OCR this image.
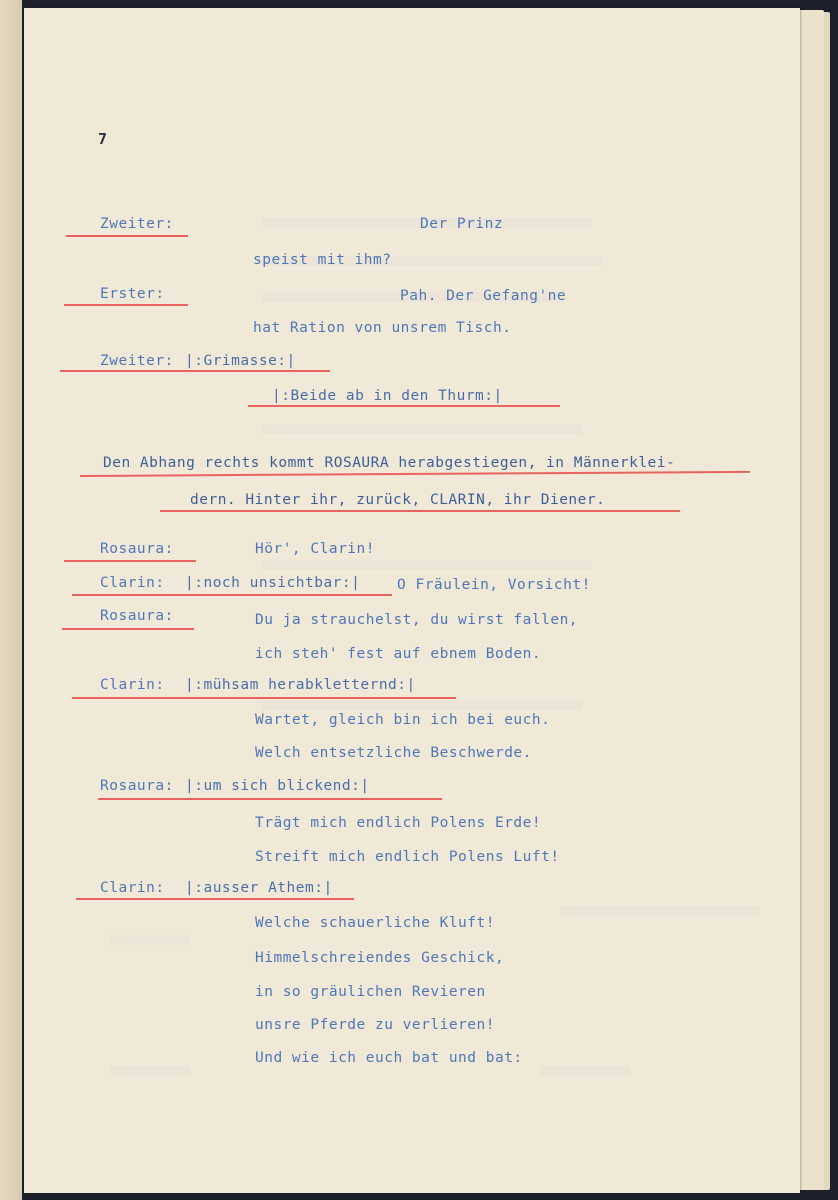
7
Zweiter:	Der Prinz
speist mit ihm?
Erster:	Pah. Der Gefang'ne
hat Ration von unsrem Tisch.
Zweiter: |:Grimasse:|
|:Beide ab in den Thurm:|
Den Abhang rechts kommt ROSAURA herabgestiegen, in Männerklei-
dern. Hinter ihr, zurück, CLARIN, ihr Diener.
Rosaura:	Hör', Clarin!
Clarin: |:noch unsichtbar:|	O Fräulein, Vorsicht!
Rosaura:	Du ja strauchelst, du wirst fallen,
ich steh' fest auf ebnem Boden.
Clarin: |:mühsam herabkletternd:|
Wartet, gleich bin ich bei euch.
Welch entsetzliche Beschwerde.
Rosaura: |:um sich blickend:|
Trägt mich endlich Polens Erde!
Streift mich endlich Polens Luft!
Clarin: |:ausser Athem:|
Welche schauerliche Kluft!
Himmelschreiendes Geschick,
in so gräulichen Revieren
unsre Pferde zu verlieren!
Und wie ich euch bat und bat:
